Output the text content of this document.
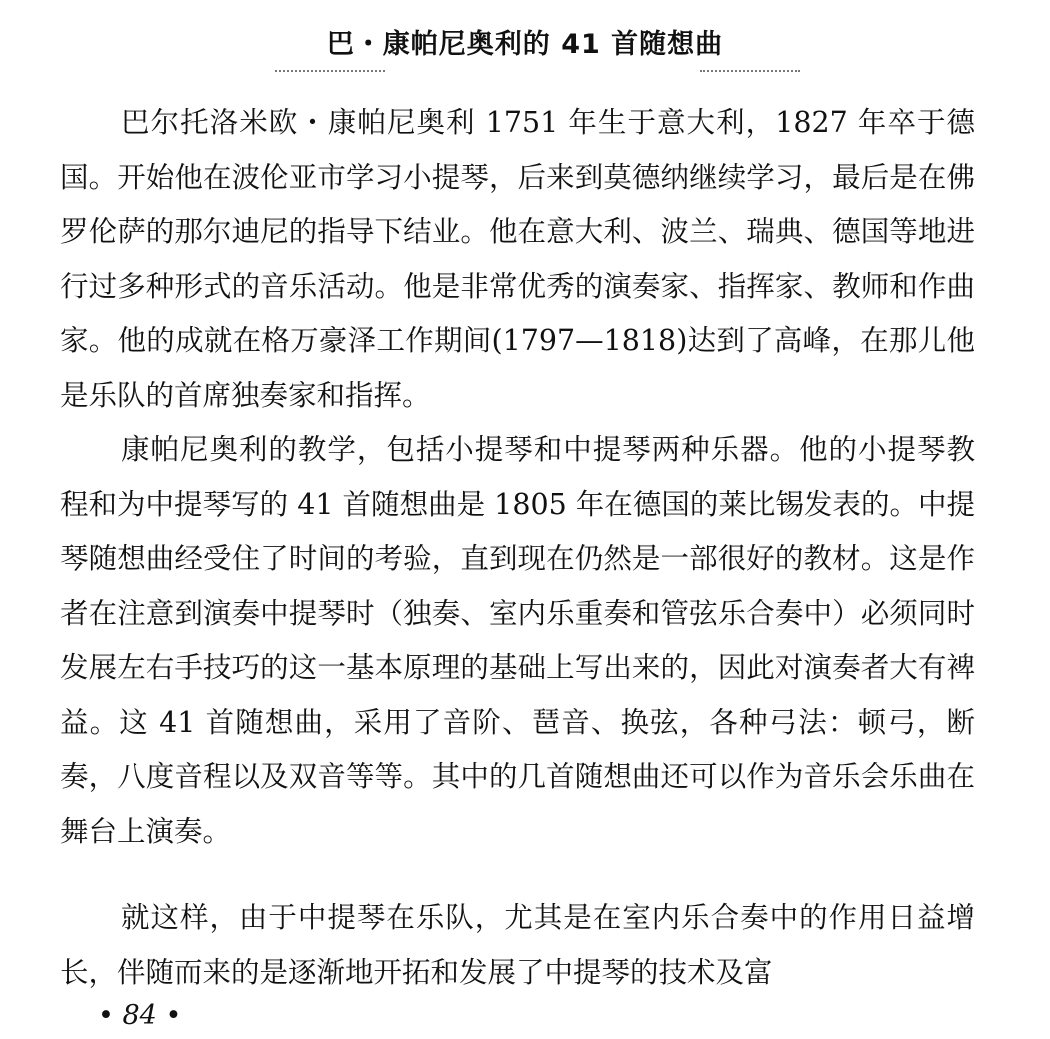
巴・康帕尼奥利的 41 首随想曲

巴尔托洛米欧・康帕尼奥利 1751 年生于意大利，1827 年卒于德国。开始他在波伦亚市学习小提琴，后来到莫德纳继续学习，最后是在佛罗伦萨的那尔迪尼的指导下结业。他在意大利、波兰、瑞典、德国等地进行过多种形式的音乐活动。他是非常优秀的演奏家、指挥家、教师和作曲家。他的成就在格万豪泽工作期间(1797—1818)达到了高峰，在那儿他是乐队的首席独奏家和指挥。

康帕尼奥利的教学，包括小提琴和中提琴两种乐器。他的小提琴教程和为中提琴写的 41 首随想曲是 1805 年在德国的莱比锡发表的。中提琴随想曲经受住了时间的考验，直到现在仍然是一部很好的教材。这是作者在注意到演奏中提琴时（独奏、室内乐重奏和管弦乐合奏中）必须同时发展左右手技巧的这一基本原理的基础上写出来的，因此对演奏者大有裨益。这 41 首随想曲，采用了音阶、琶音、换弦，各种弓法：顿弓，断奏，八度音程以及双音等等。其中的几首随想曲还可以作为音乐会乐曲在舞台上演奏。

就这样，由于中提琴在乐队，尤其是在室内乐合奏中的作用日益增长，伴随而来的是逐渐地开拓和发展了中提琴的技术及富

• 84 •
